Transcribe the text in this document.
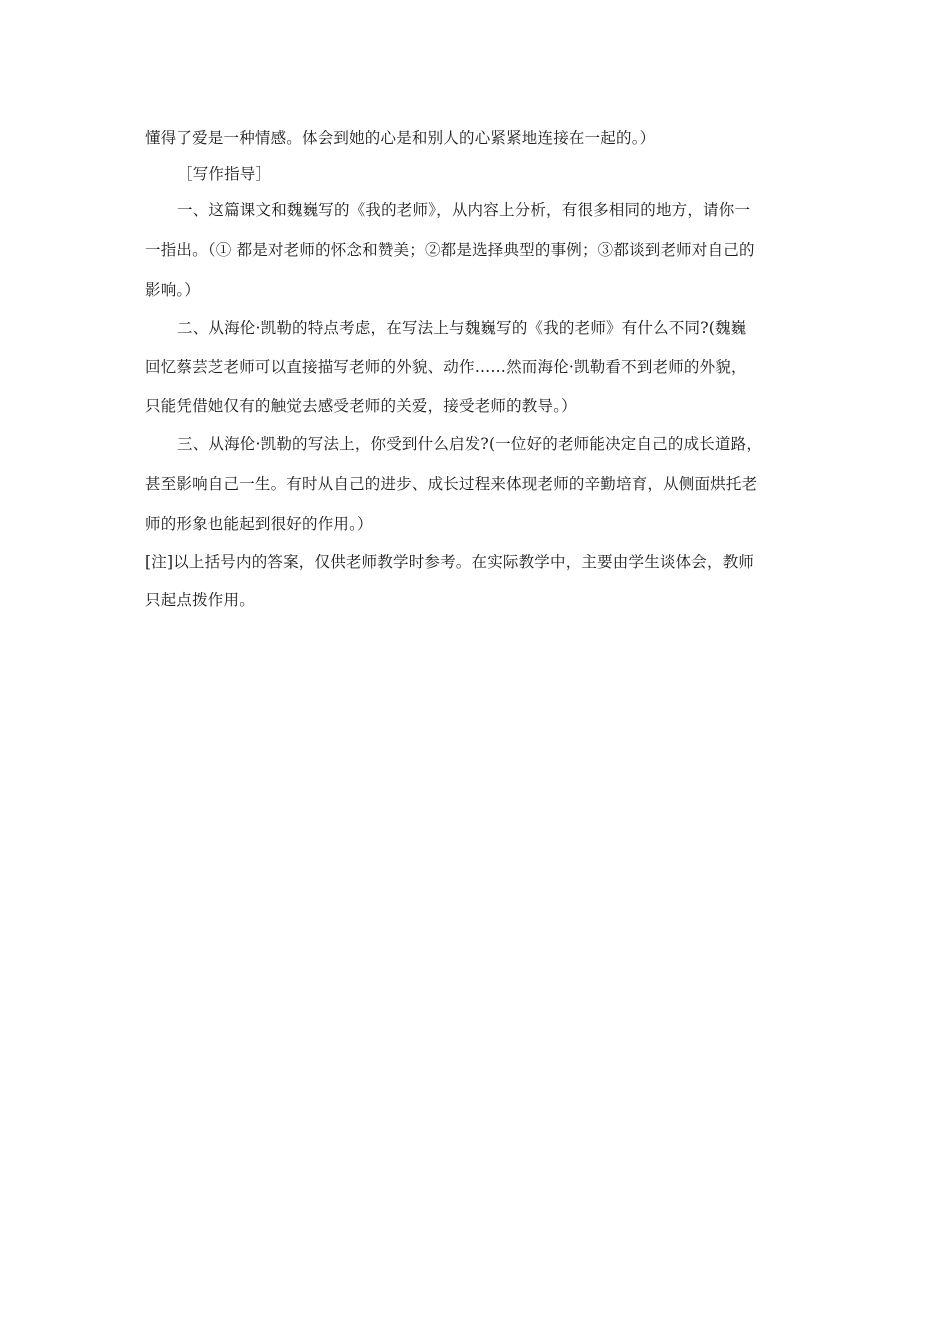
懂得了爱是一种情感。体会到她的心是和别人的心紧紧地连接在一起的。）
［写作指导］
一、这篇课文和魏巍写的《我的老师》，从内容上分析，有很多相同的地方，请你一
一指出。（① 都是对老师的怀念和赞美；②都是选择典型的事例；③都谈到老师对自己的
影响。）
二、从海伦·凯勒的特点考虑，在写法上与魏巍写的《我的老师》有什么不同?(魏巍
回忆蔡芸芝老师可以直接描写老师的外貌、动作……然而海伦·凯勒看不到老师的外貌，
只能凭借她仅有的触觉去感受老师的关爱，接受老师的教导。）
三、从海伦·凯勒的写法上，你受到什么启发?(一位好的老师能决定自己的成长道路，
甚至影响自己一生。有时从自己的进步、成长过程来体现老师的辛勤培育，从侧面烘托老
师的形象也能起到很好的作用。）
[注]以上括号内的答案，仅供老师教学时参考。在实际教学中，主要由学生谈体会，教师
只起点拨作用。
